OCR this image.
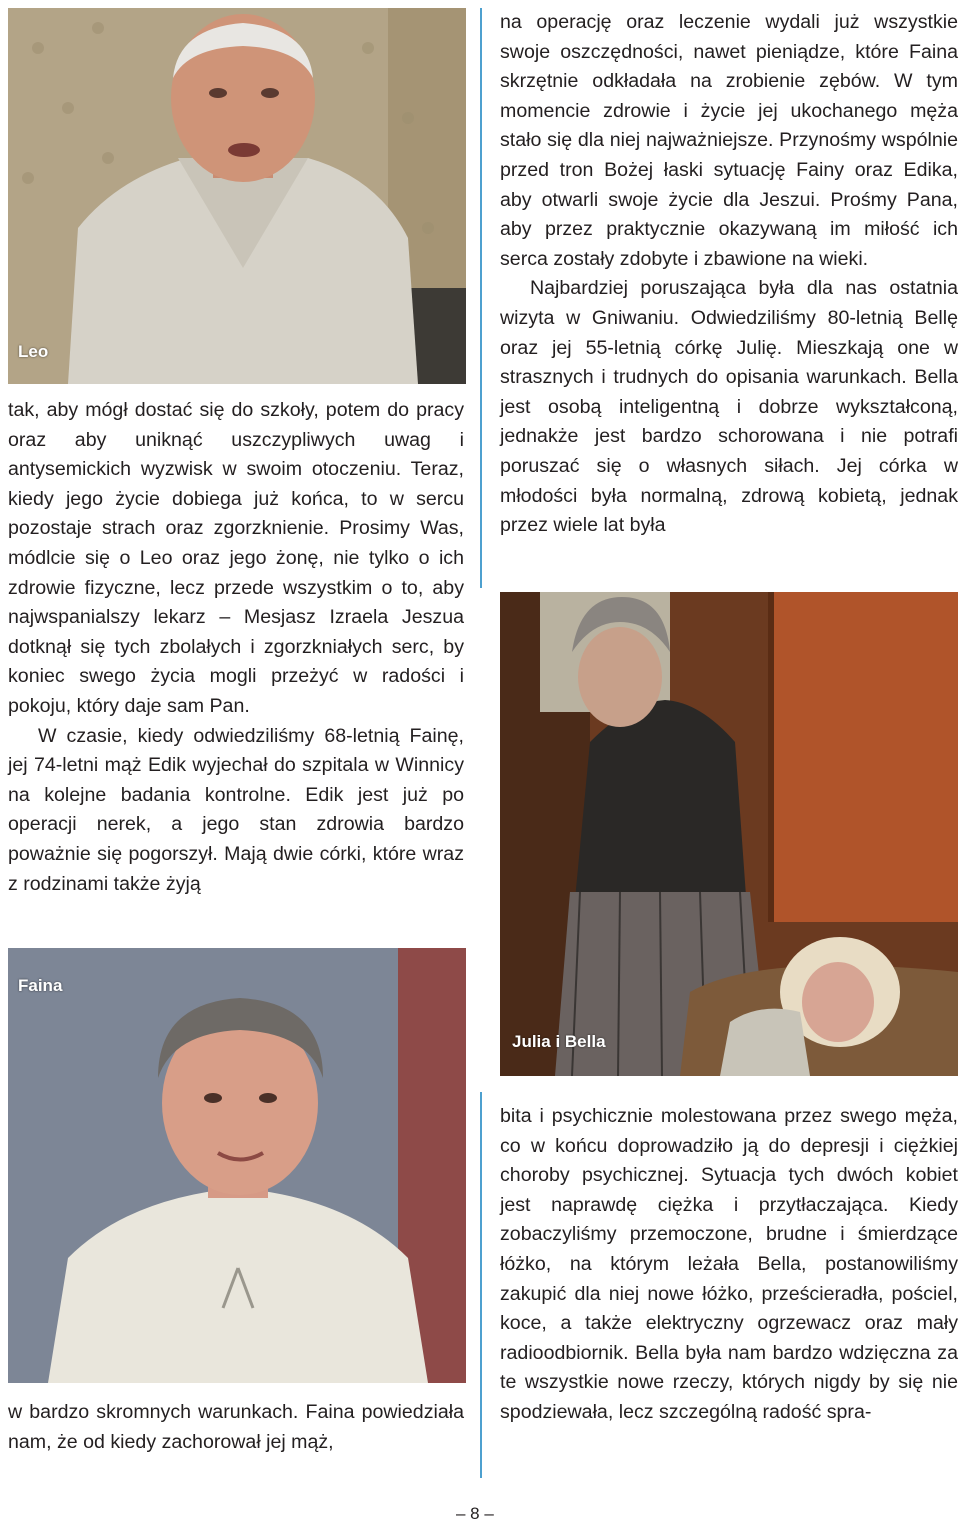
Leo

tak, aby mógł dostać się do szkoły, potem do pracy oraz aby uniknąć uszczypliwych uwag i antysemickich wyzwisk w swoim otoczeniu. Teraz, kiedy jego życie dobiega już końca, to w sercu pozostaje strach oraz zgorzknienie. Prosimy Was, módlcie się o Leo oraz jego żonę, nie tylko o ich zdrowie fizyczne, lecz przede wszystkim o to, aby najwspanialszy lekarz – Mesjasz Izraela Jeszua dotknął się tych zbolałych i zgorzkniałych serc, by koniec swego życia mogli przeżyć w radości i pokoju, który daje sam Pan.

W czasie, kiedy odwiedziliśmy 68-letnią Fainę, jej 74-letni mąż Edik wyjechał do szpitala w Winnicy na kolejne badania kontrolne. Edik jest już po operacji nerek, a jego stan zdrowia bardzo poważnie się pogorszył. Mają dwie córki, które wraz z rodzinami także żyją

Faina

w bardzo skromnych warunkach. Faina powiedziała nam, że od kiedy zachorował jej mąż,

na operację oraz leczenie wydali już wszystkie swoje oszczędności, nawet pieniądze, które Faina skrzętnie odkładała na zrobienie zębów. W tym momencie zdrowie i życie jej ukochanego męża stało się dla niej najważniejsze. Przynośmy wspólnie przed tron Bożej łaski sytuację Fainy oraz Edika, aby otwarli swoje życie dla Jeszui. Prośmy Pana, aby przez praktycznie okazywaną im miłość ich serca zostały zdobyte i zbawione na wieki.

Najbardziej poruszająca była dla nas ostatnia wizyta w Gniwaniu. Odwiedziliśmy 80-letnią Bellę oraz jej 55-letnią córkę Julię. Mieszkają one w strasznych i trudnych do opisania warunkach. Bella jest osobą inteligentną i dobrze wykształconą, jednakże jest bardzo schorowana i nie potrafi poruszać się o własnych siłach. Jej córka w młodości była normalną, zdrową kobietą, jednak przez wiele lat była

Julia i Bella

bita i psychicznie molestowana przez swego męża, co w końcu doprowadziło ją do depresji i ciężkiej choroby psychicznej. Sytuacja tych dwóch kobiet jest naprawdę ciężka i przytłaczająca. Kiedy zobaczyliśmy przemoczone, brudne i śmierdzące łóżko, na którym leżała Bella, postanowiliśmy zakupić dla niej nowe łóżko, prześcieradła, pościel, koce, a także elektryczny ogrzewacz oraz mały radioodbiornik. Bella była nam bardzo wdzięczna za te wszystkie nowe rzeczy, których nigdy by się nie spodziewała, lecz szczególną radość spra-

– 8 –
